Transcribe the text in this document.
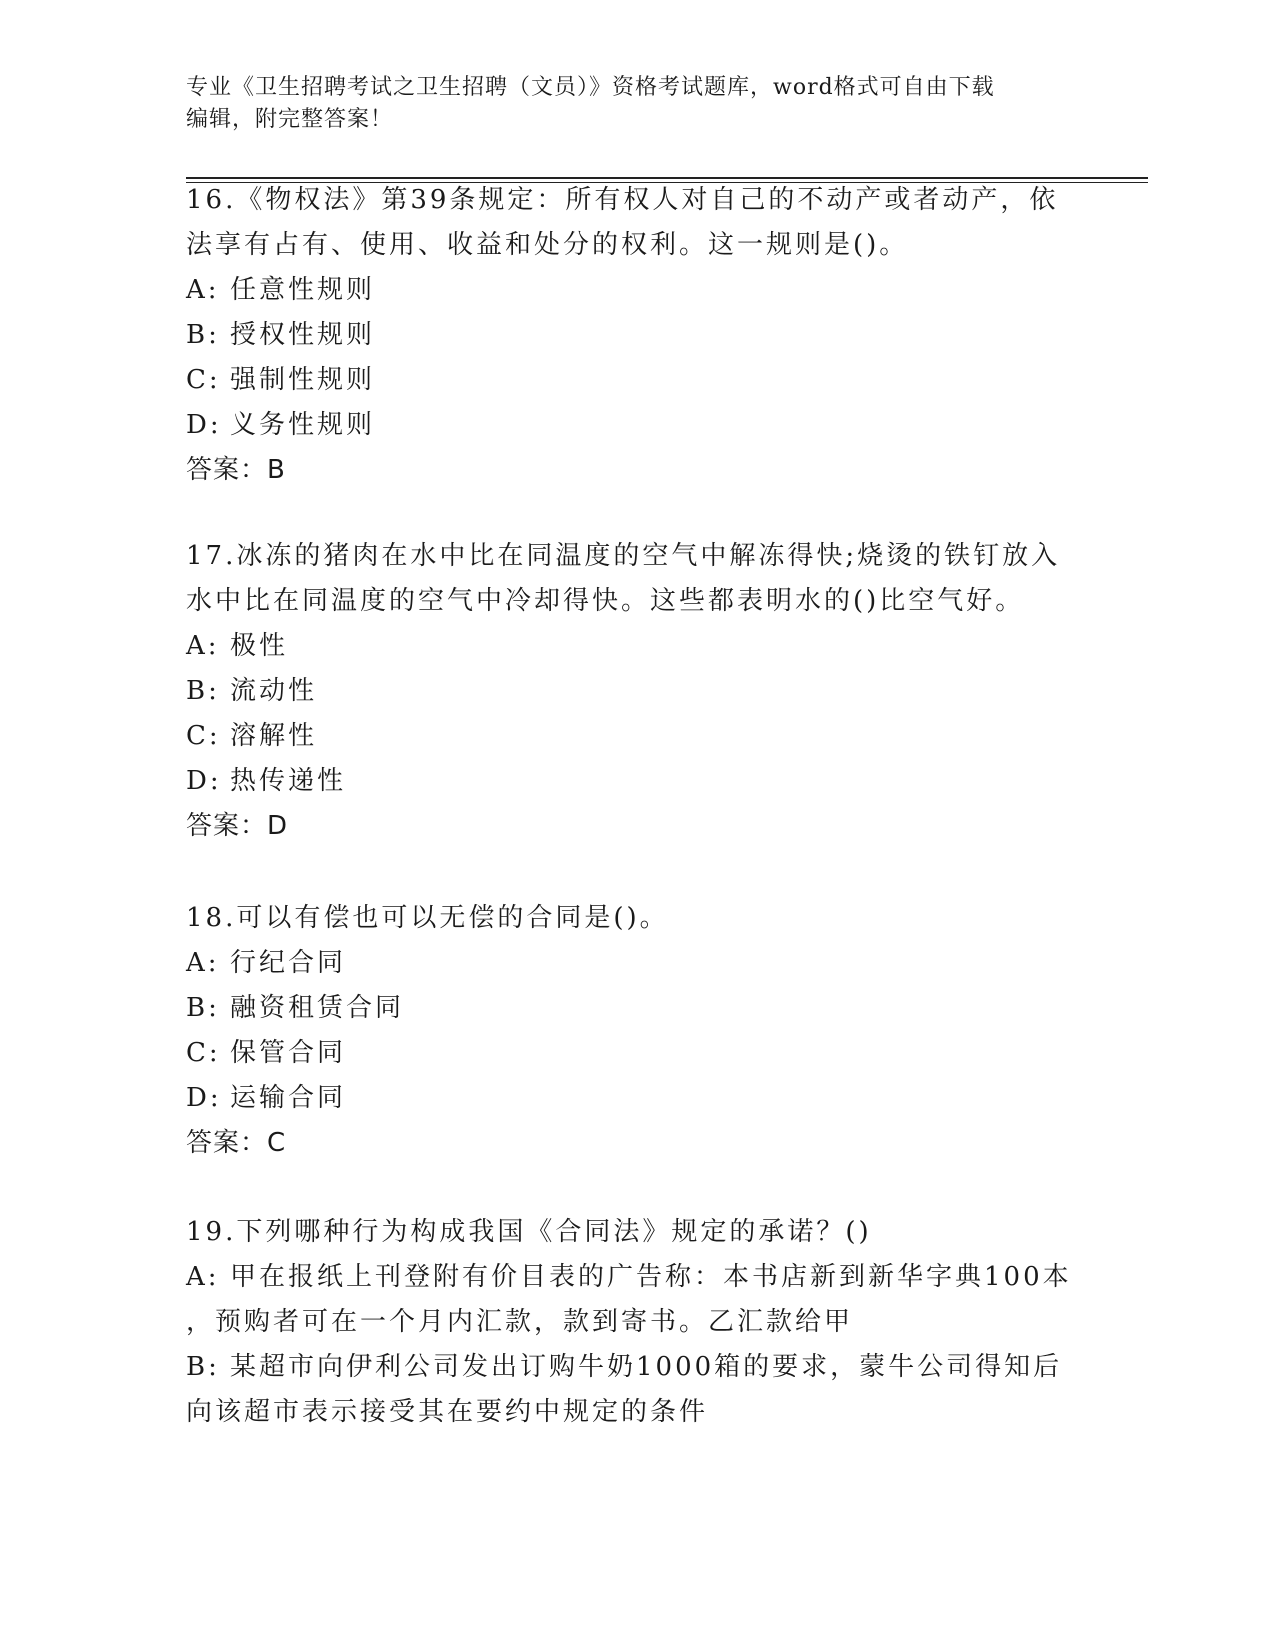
专业《卫生招聘考试之卫生招聘（文员）》资格考试题库，word格式可自由下载
编辑，附完整答案！
16.《物权法》第39条规定：所有权人对自己的不动产或者动产，依
法享有占有、使用、收益和处分的权利。这一规则是()。
A: 任意性规则
B: 授权性规则
C: 强制性规则
D: 义务性规则
答案：B
17.冰冻的猪肉在水中比在同温度的空气中解冻得快;烧烫的铁钉放入
水中比在同温度的空气中冷却得快。这些都表明水的()比空气好。
A: 极性
B: 流动性
C: 溶解性
D: 热传递性
答案：D
18.可以有偿也可以无偿的合同是()。
A: 行纪合同
B: 融资租赁合同
C: 保管合同
D: 运输合同
答案：C
19.下列哪种行为构成我国《合同法》规定的承诺？()
A: 甲在报纸上刊登附有价目表的广告称：本书店新到新华字典100本
，预购者可在一个月内汇款，款到寄书。乙汇款给甲
B: 某超市向伊利公司发出订购牛奶1000箱的要求，蒙牛公司得知后
向该超市表示接受其在要约中规定的条件
